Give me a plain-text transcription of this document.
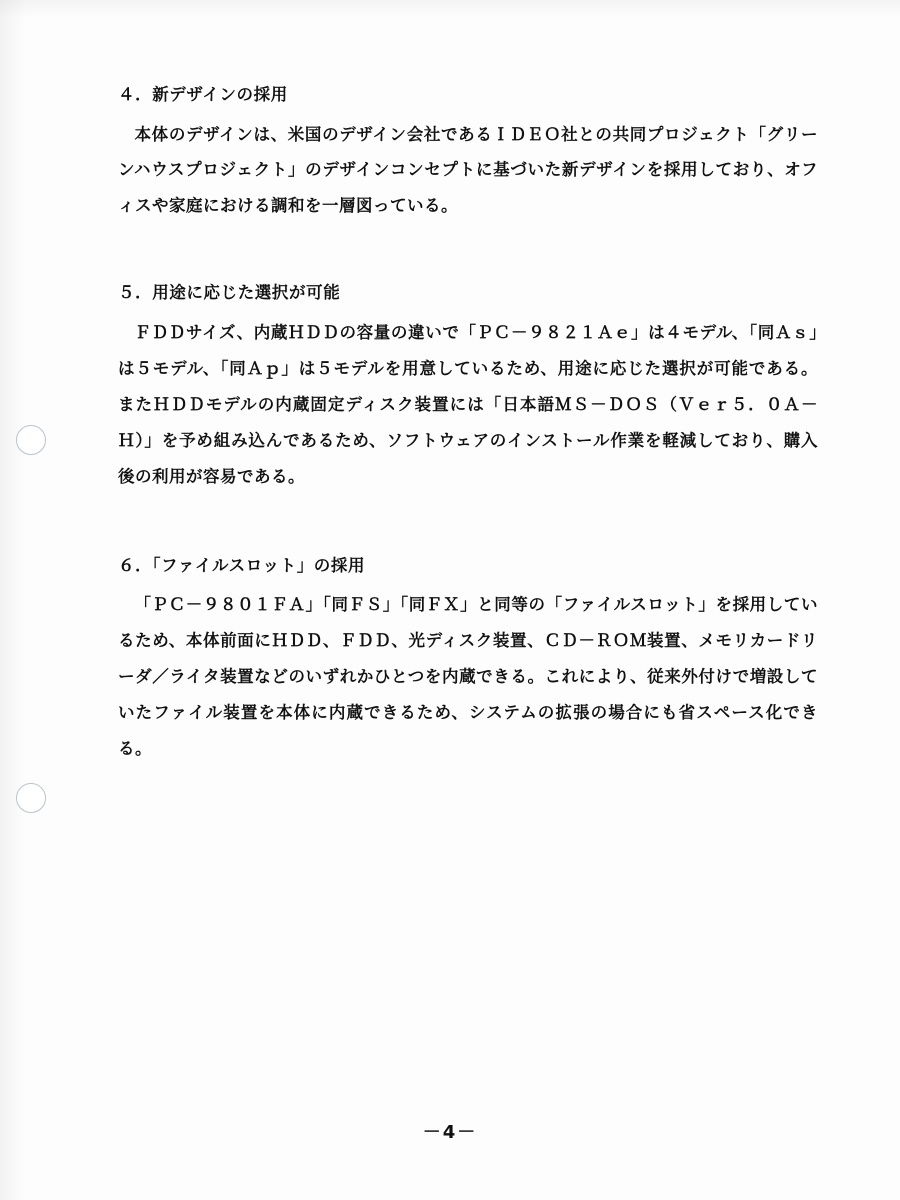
４．新デザインの採用

本体のデザインは、米国のデザイン会社であるＩＤＥＯ社との共同プロジェクト「グリーンハウスプロジェクト」のデザインコンセプトに基づいた新デザインを採用しており、オフィスや家庭における調和を一層図っている。

５．用途に応じた選択が可能

ＦＤＤサイズ、内蔵ＨＤＤの容量の違いで「ＰＣ－９８２１Ａｅ」は４モデル、「同Ａｓ」は５モデル、「同Ａｐ」は５モデルを用意しているため、用途に応じた選択が可能である。またＨＤＤモデルの内蔵固定ディスク装置には「日本語ＭＳ－ＤＯＳ（Ｖｅｒ５．０Ａ－Ｈ）」を予め組み込んであるため、ソフトウェアのインストール作業を軽減しており、購入後の利用が容易である。

６．「ファイルスロット」の採用

「ＰＣ－９８０１ＦＡ」「同ＦＳ」「同ＦＸ」と同等の「ファイルスロット」を採用しているため、本体前面にＨＤＤ、ＦＤＤ、光ディスク装置、ＣＤ－ＲＯＭ装置、メモリカードリーダ／ライタ装置などのいずれかひとつを内蔵できる。これにより、従来外付けで増設していたファイル装置を本体に内蔵できるため、システムの拡張の場合にも省スペース化できる。

－4－
